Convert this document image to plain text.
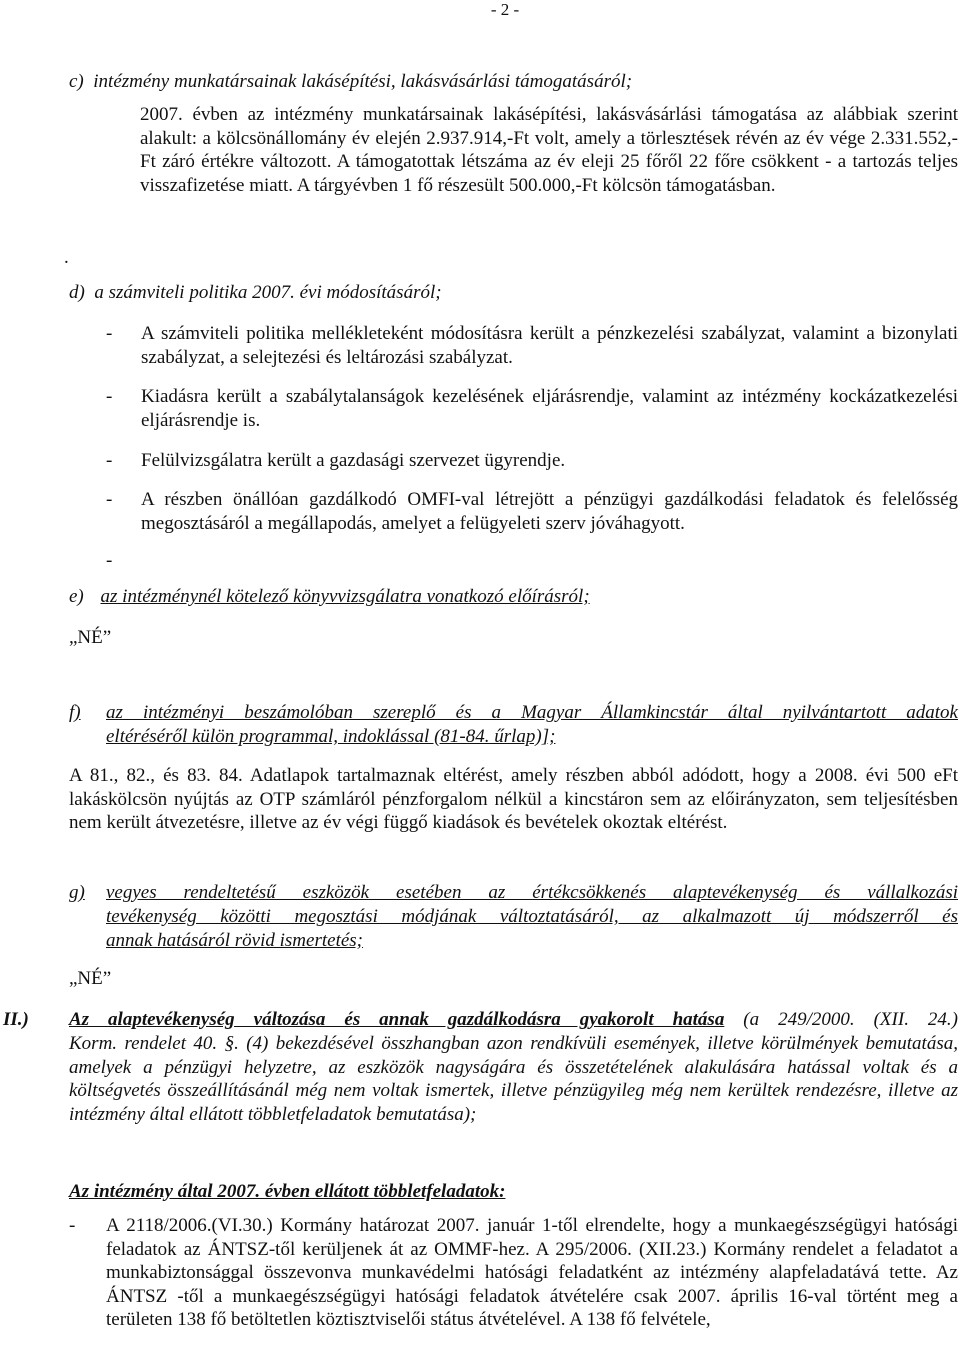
- 2 -
c)  intézmény munkatársainak lakásépítési, lakásvásárlási támogatásáról;

2007. évben az intézmény munkatársainak lakásépítési, lakásvásárlási támogatása az alábbiak szerint alakult: a kölcsönállomány év elején 2.937.914,-Ft volt, amely a törlesztések révén az év vége 2.331.552,-Ft záró értékre változott. A támogatottak létszáma az év eleji 25 főről 22 főre csökkent - a tartozás teljes visszafizetése miatt. A tárgyévben 1 fő részesült 500.000,-Ft kölcsön támogatásban.

.
d)  a számviteli politika 2007. évi módosításáról;
- A számviteli politika mellékleteként módosításra került a pénzkezelési szabályzat, valamint a bizonylati szabályzat, a selejtezési és leltározási szabályzat.

- Kiadásra került a szabálytalanságok kezelésének eljárásrendje, valamint az intézmény kockázatkezelési eljárásrendje is.

- Felülvizsgálatra került a gazdasági szervezet ügyrendje.

- A részben önállóan gazdálkodó OMFI-val létrejött a pénzügyi gazdálkodási feladatok és felelősség megosztásáról a megállapodás, amelyet a felügyeleti szerv jóváhagyott.

-
e) az intézménynél kötelező könyvvizsgálatra vonatkozó előírásról;

„NÉ”

f) az intézményi beszámolóban szereplő és a Magyar Államkincstár által nyilvántartott adatok
eltéréséről külön programmal, indoklással (81-84. űrlap)];

A 81., 82., és 83. 84. Adatlapok tartalmaznak eltérést, amely részben abból adódott, hogy a 2008. évi 500 eFt lakáskölcsön nyújtás az OTP számláról pénzforgalom nélkül a kincstáron sem az előirányzaton, sem teljesítésben nem került átvezetésre, illetve az év végi függő kiadások és bevételek okoztak eltérést.

g) vegyes rendeltetésű eszközök esetében az értékcsökkenés alaptevékenység és vállalkozási
tevékenység közötti megosztási módjának változtatásáról, az alkalmazott új módszerről és
annak hatásáról rövid ismertetés;

„NÉ”

II.) Az alaptevékenység változása és annak gazdálkodásra gyakorolt hatása (a 249/2000. (XII. 24.)

Korm. rendelet 40. §. (4) bekezdésével összhangban azon rendkívüli események, illetve körülmények bemutatása, amelyek a pénzügyi helyzetre, az eszközök nagyságára és összetételének alakulására hatással voltak és a költségvetés összeállításánál még nem voltak ismertek, illetve pénzügyileg még nem kerültek rendezésre, illetve az intézmény által ellátott többletfeladatok bemutatása);

Az intézmény által 2007. évben ellátott többletfeladatok:
- A 2118/2006.(VI.30.) Kormány határozat 2007. január 1-től elrendelte, hogy a munkaegészségügyi hatósági feladatok az ÁNTSZ-től kerüljenek át az OMMF-hez. A 295/2006. (XII.23.) Kormány rendelet a feladatot a munkabiztonsággal összevonva munkavédelmi hatósági feladatként az intézmény alapfeladatává tette. Az ÁNTSZ -től a munkaegészségügyi hatósági feladatok átvételére csak 2007. április 16-val történt meg a területen 138 fő betöltetlen köztisztviselői státus átvételével. A 138 fő felvétele,
